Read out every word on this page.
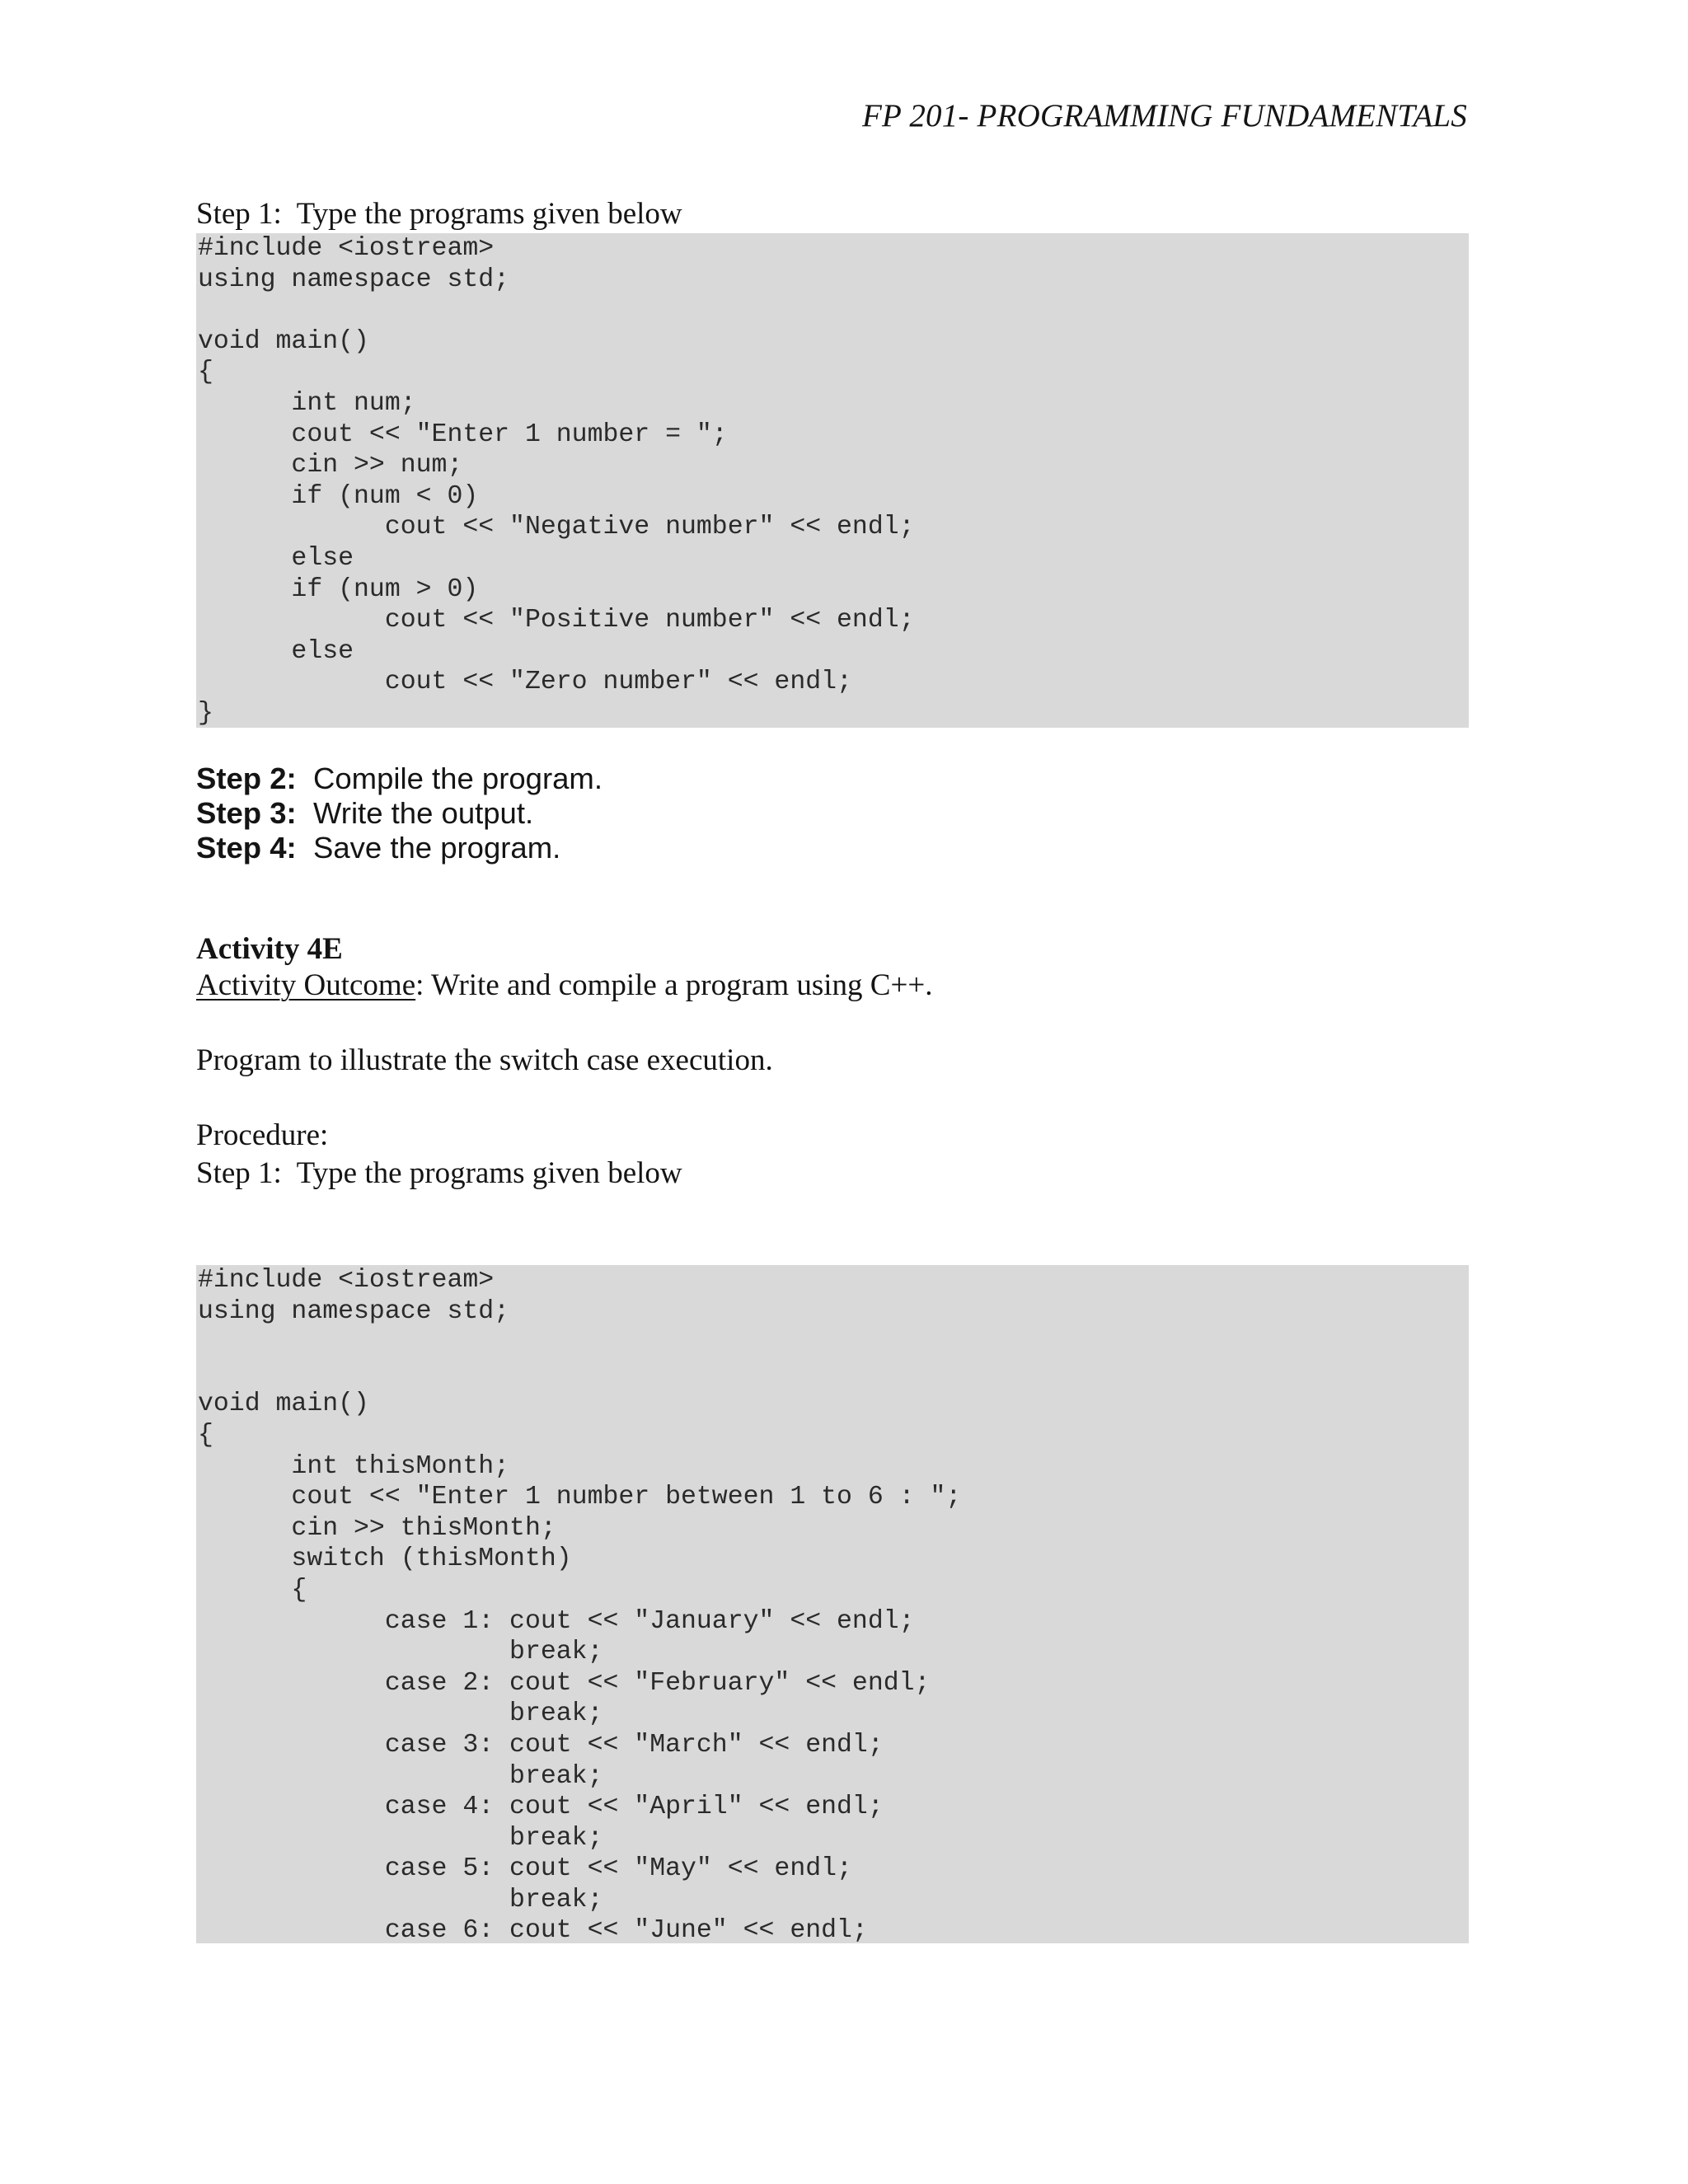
FP 201- PROGRAMMING FUNDAMENTALS
Step 1:  Type the programs given below
#include <iostream>
using namespace std;

void main()
{
int num;
cout << "Enter 1 number = ";
cin >> num;
if (num < 0)
cout << "Negative number" << endl;
else
if (num > 0)
cout << "Positive number" << endl;
else
cout << "Zero number" << endl;
}
Step 2: Compile the program.
Step 3: Write the output.
Step 4: Save the program.
Activity 4E
Activity Outcome: Write and compile a program using C++.
Program to illustrate the switch case execution.
Procedure:
Step 1:  Type the programs given below
#include <iostream>
using namespace std;

void main()
{
int thisMonth;
cout << "Enter 1 number between 1 to 6 : ";
cin >> thisMonth;
switch (thisMonth)
{
case 1: cout << "January" << endl;
break;
case 2: cout << "February" << endl;
break;
case 3: cout << "March" << endl;
break;
case 4: cout << "April" << endl;
break;
case 5: cout << "May" << endl;
break;
case 6: cout << "June" << endl;
